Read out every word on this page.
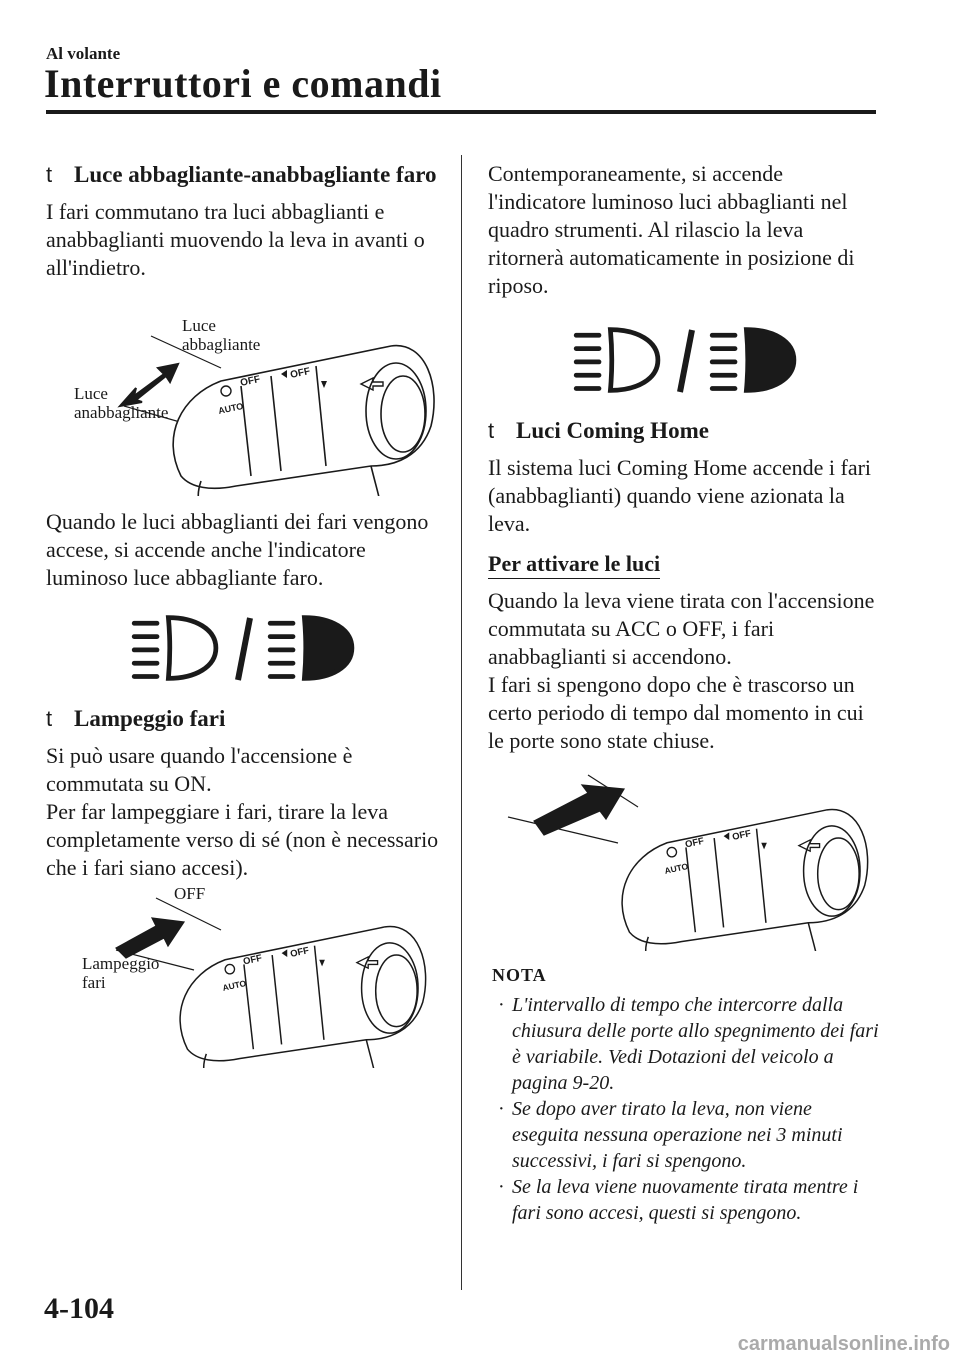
Al volante
Interruttori e comandi
t Luce abbagliante-anabbagliante faro

I fari commutano tra luci abbaglianti e anabbaglianti muovendo la leva in avanti o all'indietro.

Luce
abbagliante
Luce
anabbagliante

Quando le luci abbaglianti dei fari vengono accese, si accende anche l'indicatore luminoso luce abbagliante faro.

t Lampeggio fari

Si può usare quando l'accensione è commutata su ON.

Per far lampeggiare i fari, tirare la leva completamente verso di sé (non è necessario che i fari siano accesi).

OFF
Lampeggio
fari

Contemporaneamente, si accende l'indicatore luminoso luci abbaglianti nel quadro strumenti. Al rilascio la leva ritornerà automaticamente in posizione di riposo.

t Luci Coming Home

Il sistema luci Coming Home accende i fari (anabbaglianti) quando viene azionata la leva.

Per attivare le luci

Quando la leva viene tirata con l'accensione commutata su ACC o OFF, i fari anabbaglianti si accendono.

I fari si spengono dopo che è trascorso un certo periodo di tempo dal momento in cui le porte sono state chiuse.

NOTA
· L'intervallo di tempo che intercorre dalla chiusura delle porte allo spegnimento dei fari è variabile. Vedi Dotazioni del veicolo a pagina 9-20.
· Se dopo aver tirato la leva, non viene eseguita nessuna operazione nei 3 minuti successivi, i fari si spengono.
· Se la leva viene nuovamente tirata mentre i fari sono accesi, questi si spengono.
4-104
carmanualsonline.info
